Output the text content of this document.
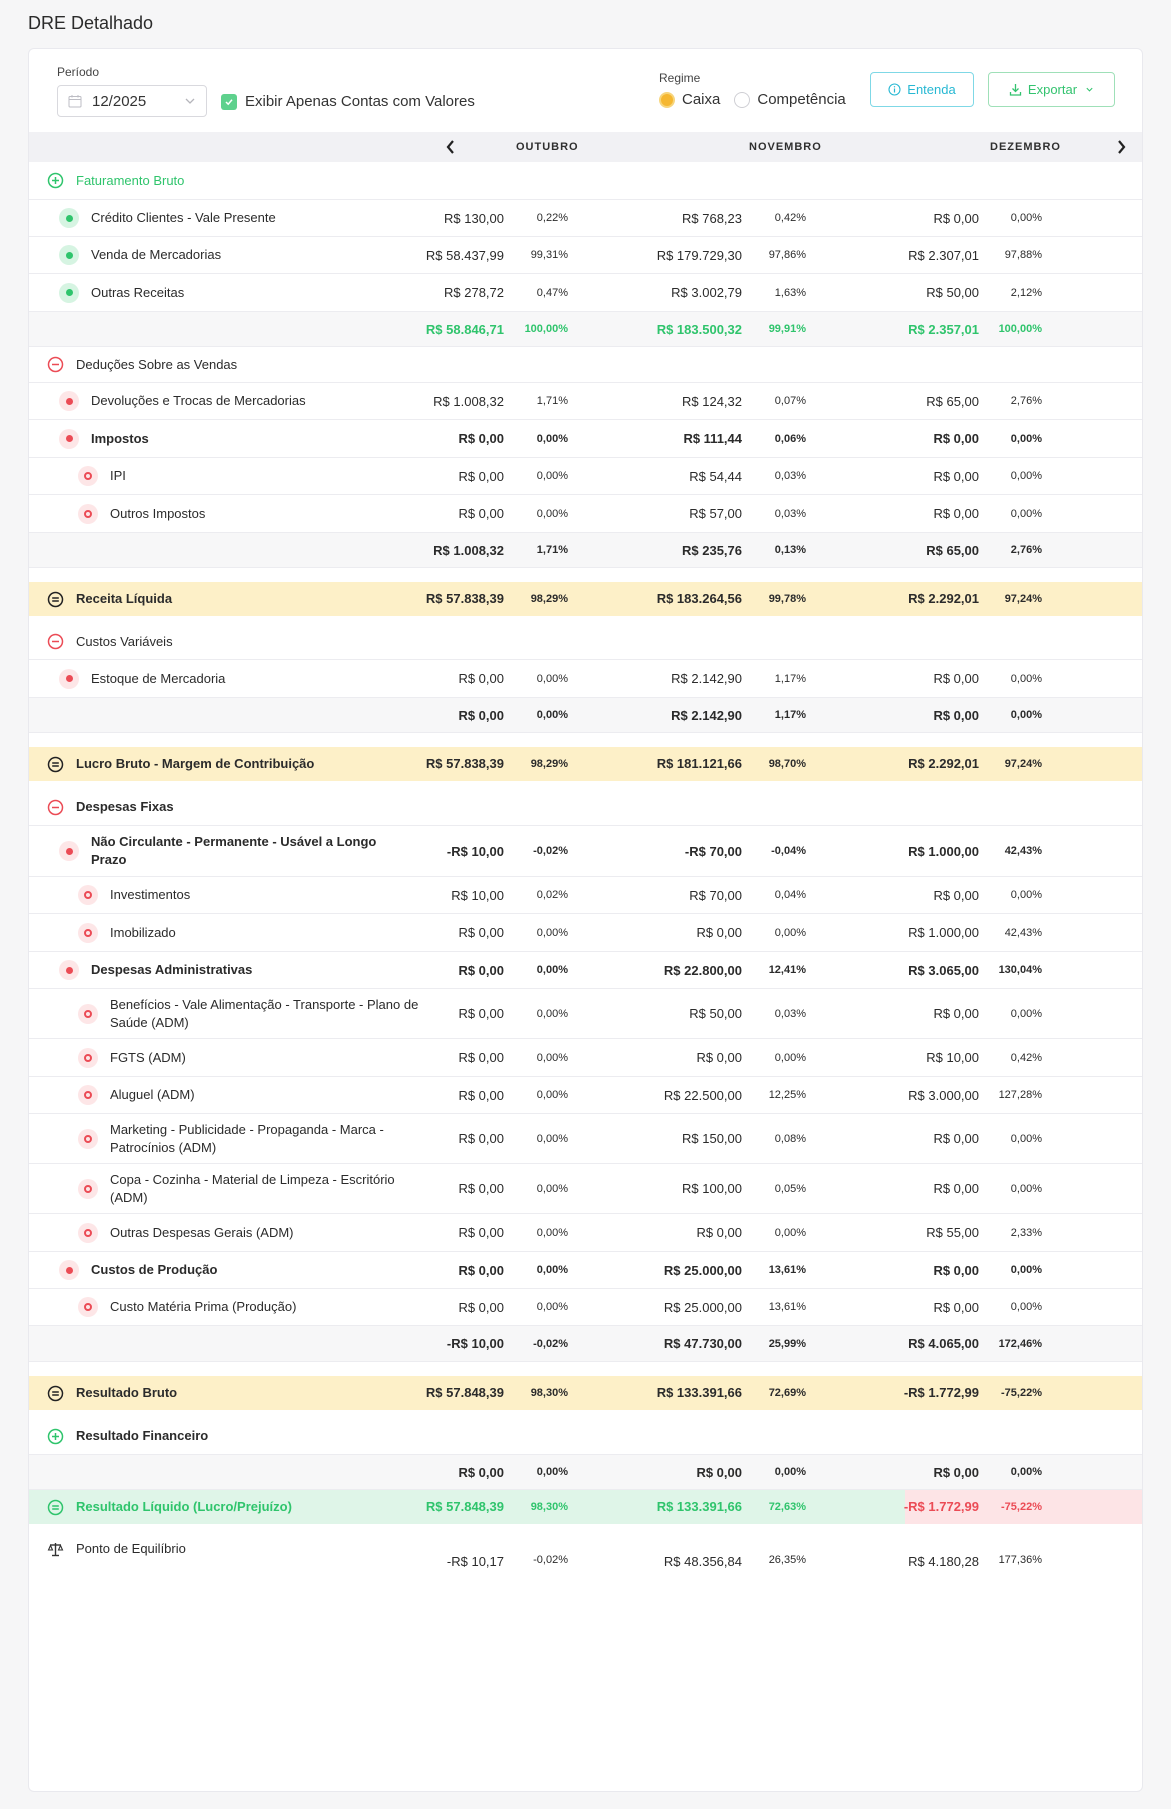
DRE Detalhado
Período
12/2025	Exibir Apenas Contas com Valores
Regime
Caixa Competência
Entenda	Exportar
OUTUBRO	NOVEMBRO	DEZEMBRO
Faturamento Bruto
Crédito Clientes - Vale Presente	R$ 130,00	0,22%	R$ 768,23	0,42%	R$ 0,00	0,00%
Venda de Mercadorias	R$ 58.437,99 99,31%	R$ 179.729,30 97,86%	R$ 2.307,01 97,88%
Outras Receitas	R$ 278,72	0,47%	R$ 3.002,79	1,63%	R$ 50,00	2,12%
R$ 58.846,71 100,00%	R$ 183.500,32 99,91%	R$ 2.357,01 100,00%
Deduções Sobre as Vendas
Devoluções e Trocas de Mercadorias	R$ 1.008,32	1,71%	R$ 124,32	0,07%	R$ 65,00	2,76%
Impostos	R$ 0,00	0,00%	R$ 111,44	0,06%	R$ 0,00	0,00%
IPI	R$ 0,00	0,00%	R$ 54,44	0,03%	R$ 0,00	0,00%
Outros Impostos	R$ 0,00	0,00%	R$ 57,00	0,03%	R$ 0,00	0,00%
R$ 1.008,32	1,71%	R$ 235,76	0,13%	R$ 65,00	2,76%
Receita Líquida	R$ 57.838,39 98,29%	R$ 183.264,56 99,78%	R$ 2.292,01 97,24%
Custos Variáveis
Estoque de Mercadoria	R$ 0,00	0,00%	R$ 2.142,90	1,17%	R$ 0,00	0,00%
R$ 0,00	0,00%	R$ 2.142,90	1,17%	R$ 0,00	0,00%
Lucro Bruto - Margem de Contribuição	R$ 57.838,39 98,29%	R$ 181.121,66 98,70%	R$ 2.292,01 97,24%
Despesas Fixas
Não Circulante - Permanente - Usável a Longo Prazo
-R$ 10,00	-0,02%	-R$ 70,00	-0,04%	R$ 1.000,00 42,43%
Investimentos	R$ 10,00	0,02%	R$ 70,00	0,04%	R$ 0,00	0,00%
Imobilizado	R$ 0,00	0,00%	R$ 0,00	0,00%	R$ 1.000,00 42,43%
Despesas Administrativas	R$ 0,00	0,00%	R$ 22.800,00 12,41%	R$ 3.065,00 130,04%
Benefícios - Vale Alimentação - Transporte - Plano de Saúde (ADM)
R$ 0,00	0,00%	R$ 50,00	0,03%	R$ 0,00	0,00%
FGTS (ADM)	R$ 0,00	0,00%	R$ 0,00	0,00%	R$ 10,00	0,42%
Aluguel (ADM)	R$ 0,00	0,00%	R$ 22.500,00 12,25%	R$ 3.000,00 127,28%
Marketing - Publicidade - Propaganda - Marca - Patrocínios (ADM)
R$ 0,00	0,00%	R$ 150,00	0,08%	R$ 0,00	0,00%
Copa - Cozinha - Material de Limpeza - Escritório (ADM)
R$ 0,00	0,00%	R$ 100,00	0,05%	R$ 0,00	0,00%
Outras Despesas Gerais (ADM)	R$ 0,00	0,00%	R$ 0,00	0,00%	R$ 55,00	2,33%
Custos de Produção	R$ 0,00	0,00%	R$ 25.000,00 13,61%	R$ 0,00	0,00%
Custo Matéria Prima (Produção)	R$ 0,00	0,00%	R$ 25.000,00 13,61%	R$ 0,00	0,00%
-R$ 10,00	-0,02%	R$ 47.730,00 25,99%	R$ 4.065,00 172,46%
Resultado Bruto	R$ 57.848,39 98,30%	R$ 133.391,66 72,69%	-R$ 1.772,99 -75,22%
Resultado Financeiro
R$ 0,00	0,00%	R$ 0,00	0,00%	R$ 0,00	0,00%
Resultado Líquido (Lucro/Prejuízo)	R$ 57.848,39 98,30%	R$ 133.391,66 72,63%	-R$ 1.772,99 -75,22%
Ponto de Equilíbrio
-R$ 10,17	-0,02%	R$ 48.356,84 26,35%	R$ 4.180,28 177,36%
